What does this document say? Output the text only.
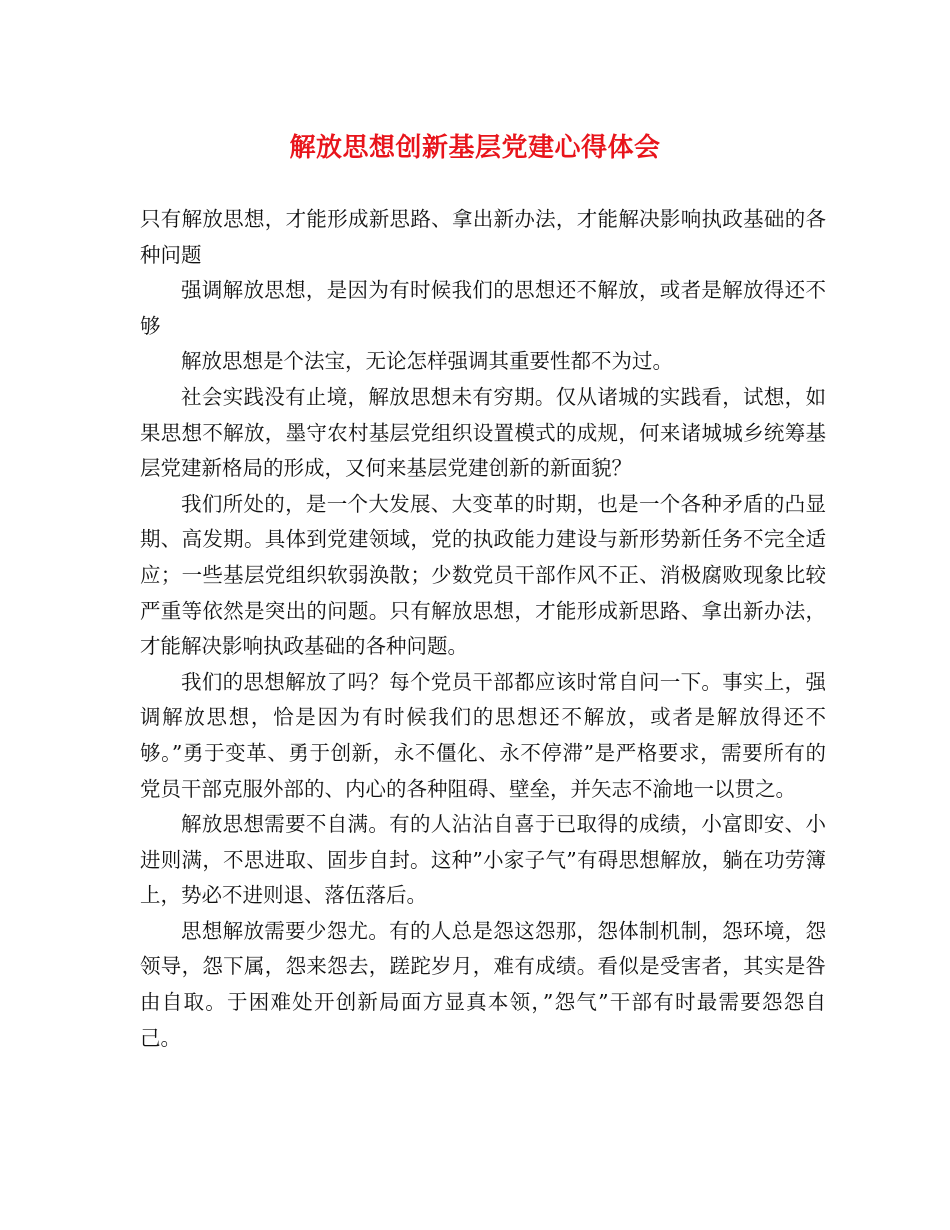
解放思想创新基层党建心得体会

只有解放思想，才能形成新思路、拿出新办法，才能解决影响执政基础的各种问题

强调解放思想，是因为有时候我们的思想还不解放，或者是解放得还不够

解放思想是个法宝，无论怎样强调其重要性都不为过。

社会实践没有止境，解放思想未有穷期。仅从诸城的实践看，试想，如果思想不解放，墨守农村基层党组织设置模式的成规，何来诸城城乡统筹基层党建新格局的形成，又何来基层党建创新的新面貌？

我们所处的，是一个大发展、大变革的时期，也是一个各种矛盾的凸显期、高发期。具体到党建领域，党的执政能力建设与新形势新任务不完全适应；一些基层党组织软弱涣散；少数党员干部作风不正、消极腐败现象比较严重等依然是突出的问题。只有解放思想，才能形成新思路、拿出新办法，才能解决影响执政基础的各种问题。

我们的思想解放了吗？每个党员干部都应该时常自问一下。事实上，强调解放思想，恰是因为有时候我们的思想还不解放，或者是解放得还不够。”勇于变革、勇于创新，永不僵化、永不停滞”是严格要求，需要所有的党员干部克服外部的、内心的各种阻碍、壁垒，并矢志不渝地一以贯之。

解放思想需要不自满。有的人沾沾自喜于已取得的成绩，小富即安、小进则满，不思进取、固步自封。这种”小家子气”有碍思想解放，躺在功劳簿上，势必不进则退、落伍落后。

思想解放需要少怨尤。有的人总是怨这怨那，怨体制机制，怨环境，怨领导，怨下属，怨来怨去，蹉跎岁月，难有成绩。看似是受害者，其实是咎由自取。于困难处开创新局面方显真本领，”怨气”干部有时最需要怨怨自己。
